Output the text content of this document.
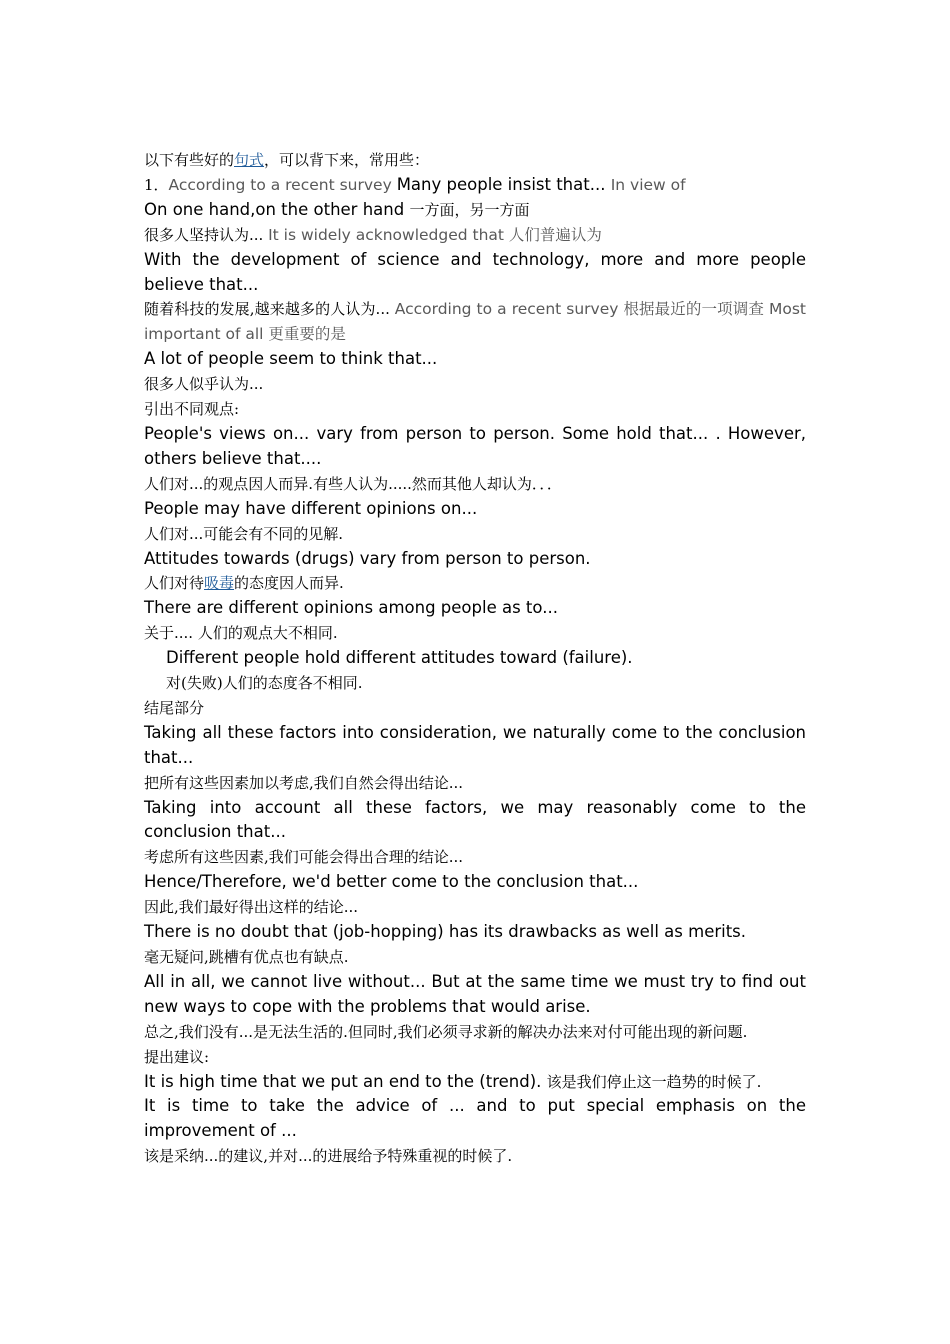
以下有些好的句式，可以背下来，常用些：

1．According to a recent survey Many people insist that... In view of

On one hand,on the other hand 一方面，另一方面

很多人坚持认为... It is widely acknowledged that 人们普遍认为

With the development of science and technology, more and more people believe that...

随着科技的发展,越来越多的人认为... According to a recent survey 根据最近的一项调查 Most important of all 更重要的是

A lot of people seem to think that...

很多人似乎认为...

引出不同观点:

People's views on... vary from person to person. Some hold that... . However, others believe that....

人们对...的观点因人而异.有些人认为.....然而其他人却认为．．．

People may have different opinions on...

人们对...可能会有不同的见解.

Attitudes towards (drugs) vary from person to person.

人们对待吸毒的态度因人而异.

There are different opinions among people as to...

关于.... 人们的观点大不相同.

Different people hold different attitudes toward (failure).

对(失败)人们的态度各不相同.

结尾部分

Taking all these factors into consideration, we naturally come to the conclusion that...

把所有这些因素加以考虑,我们自然会得出结论...

Taking into account all these factors, we may reasonably come to the conclusion that...

考虑所有这些因素,我们可能会得出合理的结论...

Hence/Therefore, we'd better come to the conclusion that...

因此,我们最好得出这样的结论...

There is no doubt that (job-hopping) has its drawbacks as well as merits.

毫无疑问,跳槽有优点也有缺点.

All in all, we cannot live without... But at the same time we must try to find out new ways to cope with the problems that would arise.

总之,我们没有...是无法生活的.但同时,我们必须寻求新的解决办法来对付可能出现的新问题.

提出建议:

It is high time that we put an end to the (trend). 该是我们停止这一趋势的时候了.

It is time to take the advice of ... and to put special emphasis on the improvement of ...

该是采纳...的建议,并对...的进展给予特殊重视的时候了.
